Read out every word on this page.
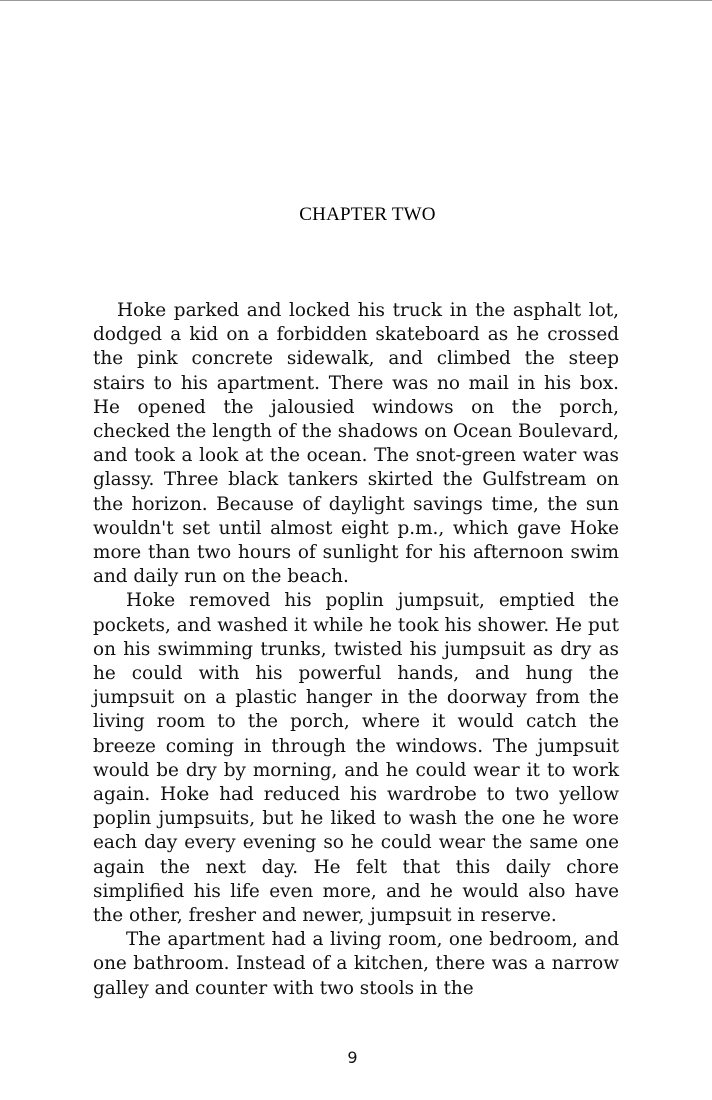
CHAPTER TWO

Hoke parked and locked his truck in the asphalt lot, dodged a kid on a forbidden skateboard as he crossed the pink concrete sidewalk, and climbed the steep stairs to his apartment. There was no mail in his box. He opened the jalousied windows on the porch, checked the length of the shadows on Ocean Boulevard, and took a look at the ocean. The snot-green water was glassy. Three black tankers skirted the Gulfstream on the horizon. Because of daylight savings time, the sun wouldn't set until almost eight p.m., which gave Hoke more than two hours of sunlight for his afternoon swim and daily run on the beach.

Hoke removed his poplin jumpsuit, emptied the pockets, and washed it while he took his shower. He put on his swimming trunks, twisted his jumpsuit as dry as he could with his powerful hands, and hung the jumpsuit on a plastic hanger in the doorway from the living room to the porch, where it would catch the breeze coming in through the windows. The jumpsuit would be dry by morning, and he could wear it to work again. Hoke had reduced his wardrobe to two yellow poplin jumpsuits, but he liked to wash the one he wore each day every evening so he could wear the same one again the next day. He felt that this daily chore simplified his life even more, and he would also have the other, fresher and newer, jumpsuit in reserve.

The apartment had a living room, one bedroom, and one bathroom. Instead of a kitchen, there was a narrow galley and counter with two stools in the

9
